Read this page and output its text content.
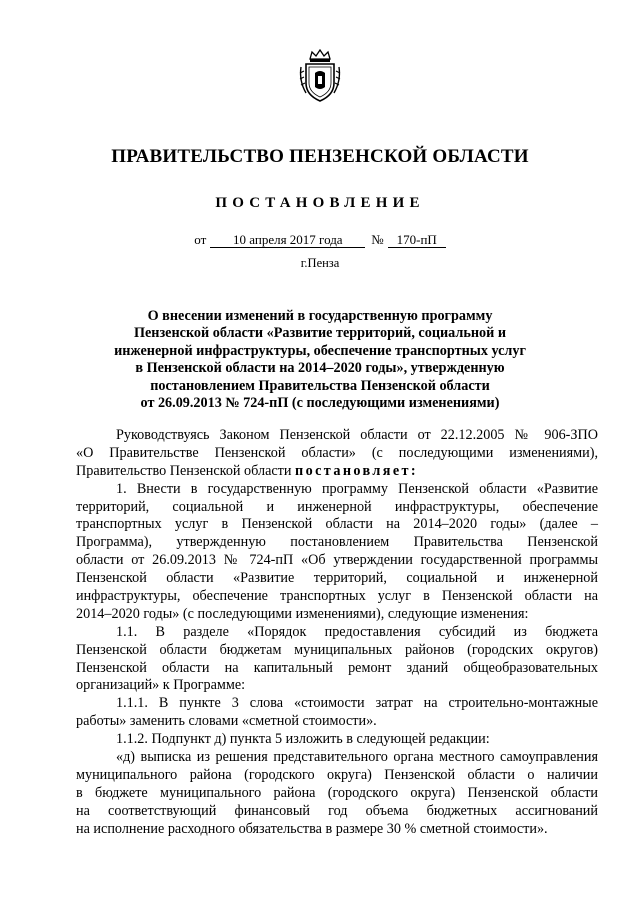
ПРАВИТЕЛЬСТВО ПЕНЗЕНСКОЙ ОБЛАСТИ
ПОСТАНОВЛЕНИЕ
от 10 апреля 2017 года № 170-пП
г.Пенза
О внесении изменений в государственную программу
Пензенской области «Развитие территорий, социальной и
инженерной инфраструктуры, обеспечение транспортных услуг
в Пензенской области на 2014–2020 годы», утвержденную
постановлением Правительства Пензенской области
от 26.09.2013 № 724-пП (с последующими изменениями)
Руководствуясь Законом Пензенской области от 22.12.2005 № 906-ЗПО
«О Правительстве Пензенской области» (с последующими изменениями),
Правительство Пензенской области постановляет:
1. Внести в государственную программу Пензенской области «Развитие
территорий, социальной и инженерной инфраструктуры, обеспечение
транспортных услуг в Пензенской области на 2014–2020 годы» (далее –
Программа), утвержденную постановлением Правительства Пензенской
области от 26.09.2013 № 724-пП «Об утверждении государственной программы
Пензенской области «Развитие территорий, социальной и инженерной
инфраструктуры, обеспечение транспортных услуг в Пензенской области на
2014–2020 годы» (с последующими изменениями), следующие изменения:
1.1. В разделе «Порядок предоставления субсидий из бюджета
Пензенской области бюджетам муниципальных районов (городских округов)
Пензенской области на капитальный ремонт зданий общеобразовательных
организаций» к Программе:
1.1.1. В пункте 3 слова «стоимости затрат на строительно-монтажные
работы» заменить словами «сметной стоимости».
1.1.2. Подпункт д) пункта 5 изложить в следующей редакции:
«д) выписка из решения представительного органа местного самоуправления
муниципального района (городского округа) Пензенской области о наличии
в бюджете муниципального района (городского округа) Пензенской области
на соответствующий финансовый год объема бюджетных ассигнований
на исполнение расходного обязательства в размере 30 % сметной стоимости».
